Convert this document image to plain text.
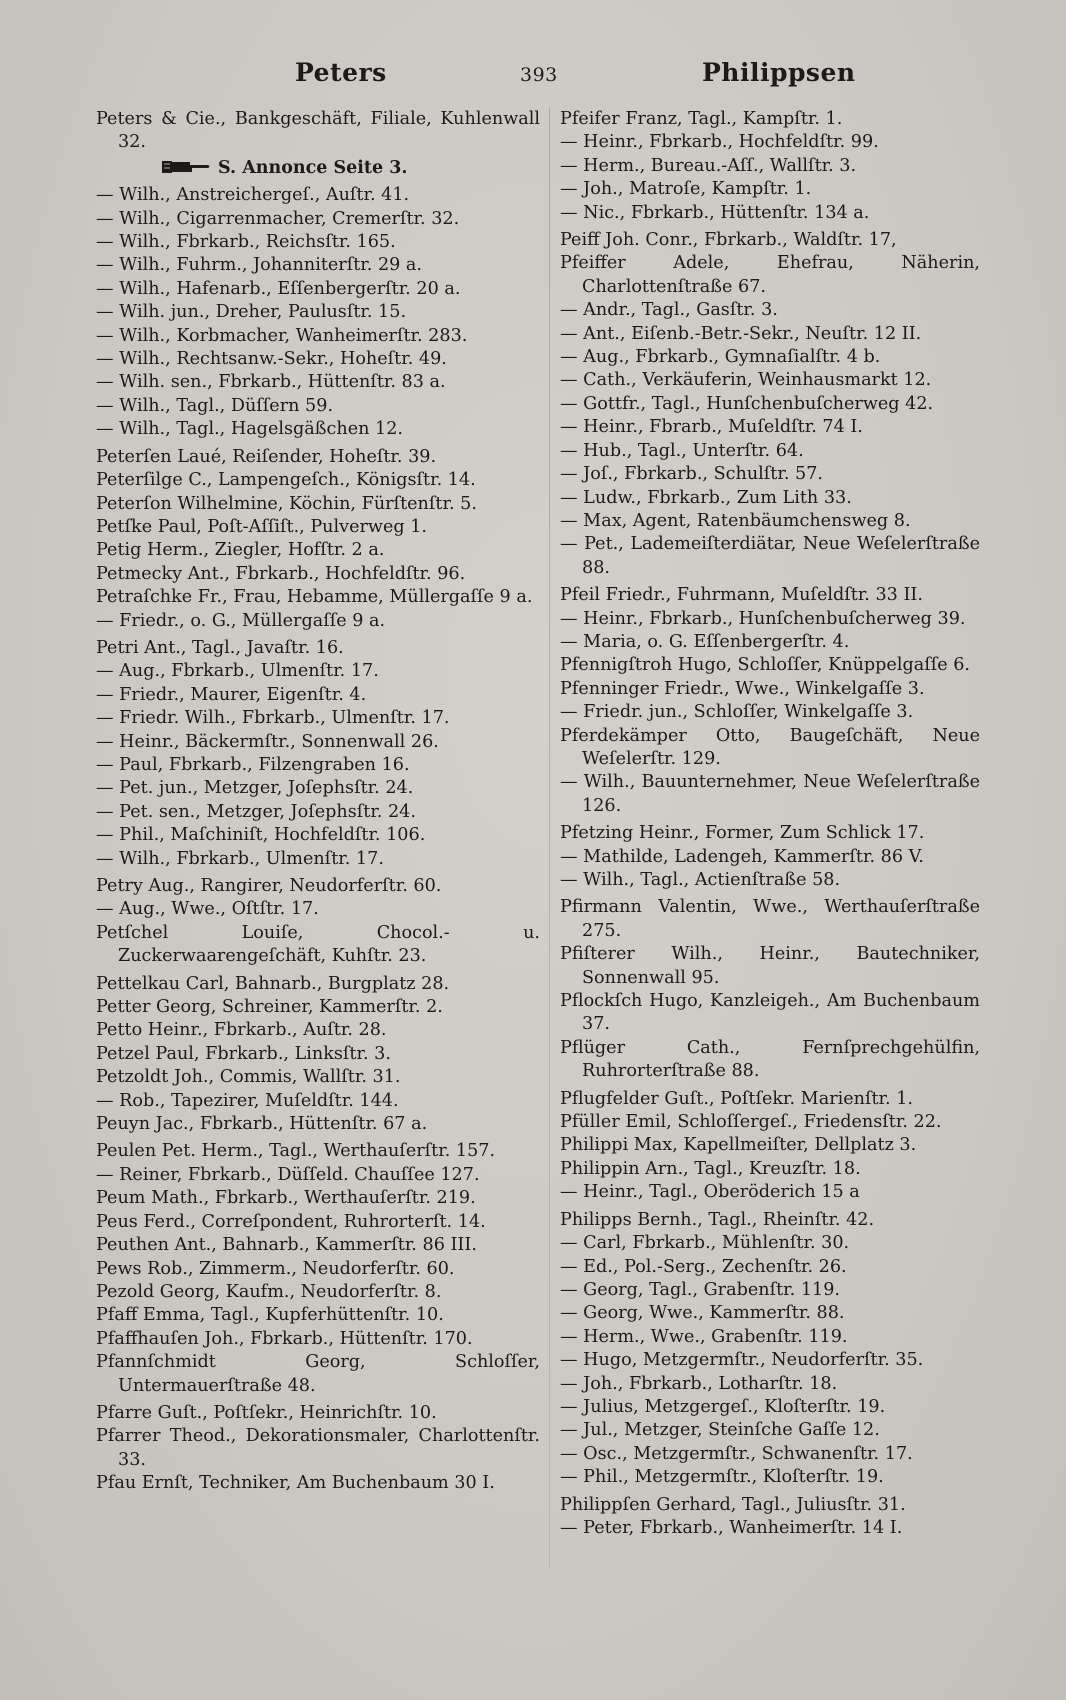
Peters	393	Philippsen
Peters & Cie., Bankgeschäft, Filiale, Kuhlenwall 32.
S. Annonce Seite 3.
— Wilh., Anstreichergeſ., Auſtr. 41.
— Wilh., Cigarrenmacher, Cremerſtr. 32.
— Wilh., Fbrkarb., Reichsſtr. 165.
— Wilh., Fuhrm., Johanniterſtr. 29 a.
— Wilh., Hafenarb., Eſſenbergerſtr. 20 a.
— Wilh. jun., Dreher, Paulusſtr. 15.
— Wilh., Korbmacher, Wanheimerſtr. 283.
— Wilh., Rechtsanw.-Sekr., Hoheſtr. 49.
— Wilh. sen., Fbrkarb., Hüttenſtr. 83 a.
— Wilh., Tagl., Düſſern 59.
— Wilh., Tagl., Hagelsgäßchen 12.
Peterſen Laué, Reiſender, Hoheſtr. 39.
Peterſilge C., Lampengeſch., Königsſtr. 14.
Peterſon Wilhelmine, Köchin, Fürſtenſtr. 5.
Petſke Paul, Poſt-Aſſiſt., Pulverweg 1.
Petig Herm., Ziegler, Hofſtr. 2 a.
Petmecky Ant., Fbrkarb., Hochfeldſtr. 96.
Petraſchke Fr., Frau, Hebamme, Müllergaſſe 9 a.
— Friedr., o. G., Müllergaſſe 9 a.
Petri Ant., Tagl., Javaſtr. 16.
— Aug., Fbrkarb., Ulmenſtr. 17.
— Friedr., Maurer, Eigenſtr. 4.
— Friedr. Wilh., Fbrkarb., Ulmenſtr. 17.
— Heinr., Bäckermſtr., Sonnenwall 26.
— Paul, Fbrkarb., Filzengraben 16.
— Pet. jun., Metzger, Joſephsſtr. 24.
— Pet. sen., Metzger, Joſephsſtr. 24.
— Phil., Maſchiniſt, Hochfeldſtr. 106.
— Wilh., Fbrkarb., Ulmenſtr. 17.
Petry Aug., Rangirer, Neudorferſtr. 60.
— Aug., Wwe., Oſtſtr. 17.
Petſchel Louiſe, Chocol.- u. Zuckerwaarengeſchäft, Kuhſtr. 23.
Pettelkau Carl, Bahnarb., Burgplatz 28.
Petter Georg, Schreiner, Kammerſtr. 2.
Petto Heinr., Fbrkarb., Auſtr. 28.
Petzel Paul, Fbrkarb., Linksſtr. 3.
Petzoldt Joh., Commis, Wallſtr. 31.
— Rob., Tapezirer, Muſeldſtr. 144.
Peuyn Jac., Fbrkarb., Hüttenſtr. 67 a.
Peulen Pet. Herm., Tagl., Werthauſerſtr. 157.
— Reiner, Fbrkarb., Düſſeld. Chauſſee 127.
Peum Math., Fbrkarb., Werthauſerſtr. 219.
Peus Ferd., Correſpondent, Ruhrorterſt. 14.
Peuthen Ant., Bahnarb., Kammerſtr. 86 III.
Pews Rob., Zimmerm., Neudorferſtr. 60.
Pezold Georg, Kaufm., Neudorferſtr. 8.
Pfaff Emma, Tagl., Kupferhüttenſtr. 10.
Pfaffhauſen Joh., Fbrkarb., Hüttenſtr. 170.
Pfannſchmidt Georg, Schloſſer, Untermauerſtraße 48.
Pfarre Guſt., Poſtſekr., Heinrichſtr. 10.
Pfarrer Theod., Dekorationsmaler, Charlottenſtr. 33.
Pfau Ernſt, Techniker, Am Buchenbaum 30 I.
Pfeifer Franz, Tagl., Kampſtr. 1.
— Heinr., Fbrkarb., Hochfeldſtr. 99.
— Herm., Bureau.-Aſſ., Wallſtr. 3.
— Joh., Matroſe, Kampſtr. 1.
— Nic., Fbrkarb., Hüttenſtr. 134 a.
Peiff Joh. Conr., Fbrkarb., Waldſtr. 17,
Pfeiffer Adele, Ehefrau, Näherin, Charlottenſtraße 67.
— Andr., Tagl., Gasſtr. 3.
— Ant., Eiſenb.-Betr.-Sekr., Neuſtr. 12 II.
— Aug., Fbrkarb., Gymnaſialſtr. 4 b.
— Cath., Verkäuferin, Weinhausmarkt 12.
— Gottfr., Tagl., Hunſchenbuſcherweg 42.
— Heinr., Fbrarb., Muſeldſtr. 74 I.
— Hub., Tagl., Unterſtr. 64.
— Joſ., Fbrkarb., Schulſtr. 57.
— Ludw., Fbrkarb., Zum Lith 33.
— Max, Agent, Ratenbäumchensweg 8.
— Pet., Lademeiſterdiätar, Neue Weſelerſtraße 88.
Pfeil Friedr., Fuhrmann, Muſeldſtr. 33 II.
— Heinr., Fbrkarb., Hunſchenbuſcherweg 39.
— Maria, o. G. Eſſenbergerſtr. 4.
Pfennigſtroh Hugo, Schloſſer, Knüppelgaſſe 6.
Pfenninger Friedr., Wwe., Winkelgaſſe 3.
— Friedr. jun., Schloſſer, Winkelgaſſe 3.
Pferdekämper Otto, Baugeſchäft, Neue Weſelerſtr. 129.
— Wilh., Bauunternehmer, Neue Weſelerſtraße 126.
Pfetzing Heinr., Former, Zum Schlick 17.
— Mathilde, Ladengeh, Kammerſtr. 86 V.
— Wilh., Tagl., Actienſtraße 58.
Pfirmann Valentin, Wwe., Werthauſerſtraße 275.
Pfiſterer Wilh., Heinr., Bautechniker, Sonnenwall 95.
Pflockſch Hugo, Kanzleigeh., Am Buchenbaum 37.
Pflüger Cath., Fernſprechgehülfin, Ruhrorterſtraße 88.
Pflugfelder Guſt., Poſtſekr. Marienſtr. 1.
Pfüller Emil, Schloſſergeſ., Friedensſtr. 22.
Philippi Max, Kapellmeiſter, Dellplatz 3.
Philippin Arn., Tagl., Kreuzſtr. 18.
— Heinr., Tagl., Oberöderich 15 a
Philipps Bernh., Tagl., Rheinſtr. 42.
— Carl, Fbrkarb., Mühlenſtr. 30.
— Ed., Pol.-Serg., Zechenſtr. 26.
— Georg, Tagl., Grabenſtr. 119.
— Georg, Wwe., Kammerſtr. 88.
— Herm., Wwe., Grabenſtr. 119.
— Hugo, Metzgermſtr., Neudorferſtr. 35.
— Joh., Fbrkarb., Lotharſtr. 18.
— Julius, Metzgergeſ., Kloſterſtr. 19.
— Jul., Metzger, Steinſche Gaſſe 12.
— Osc., Metzgermſtr., Schwanenſtr. 17.
— Phil., Metzgermſtr., Kloſterſtr. 19.
Philippſen Gerhard, Tagl., Juliusſtr. 31.
— Peter, Fbrkarb., Wanheimerſtr. 14 I.
